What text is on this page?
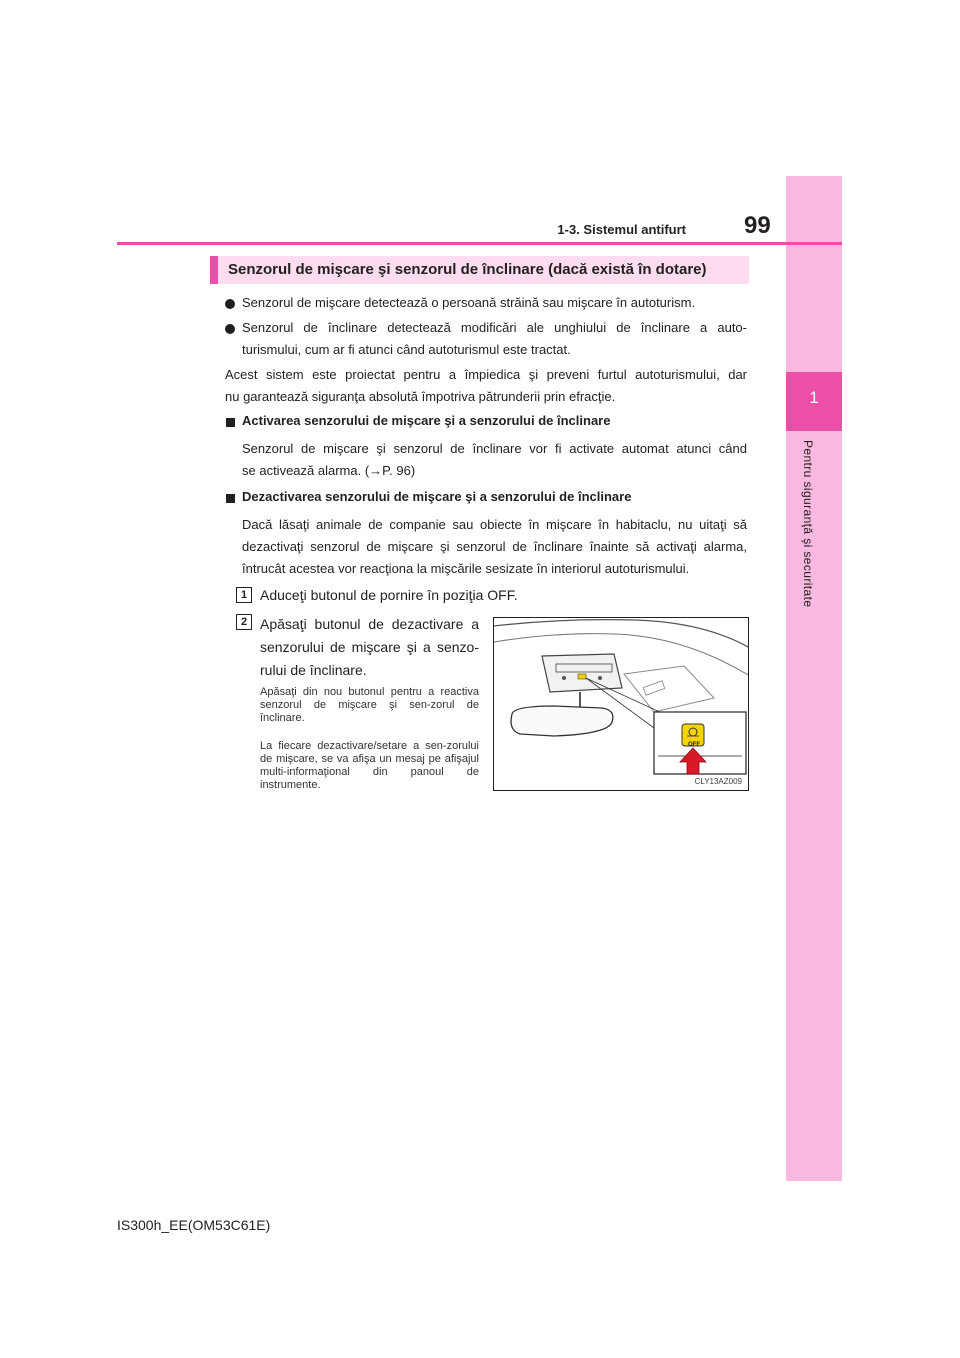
1
Pentru siguranţă şi securitate
1-3. Sistemul antifurt 99
Senzorul de mişcare şi senzorul de înclinare (dacă există în dotare)
Senzorul de mişcare detectează o persoană străină sau mişcare în autoturism.
Senzorul de înclinare detectează modificări ale unghiului de înclinare a auto-
turismului, cum ar fi atunci când autoturismul este tractat.
Acest sistem este proiectat pentru a împiedica şi preveni furtul autoturismului, dar
nu garantează siguranţa absolută împotriva pătrunderii prin efracţie.
Activarea senzorului de mişcare şi a senzorului de înclinare
Senzorul de mişcare şi senzorul de înclinare vor fi activate automat atunci când
se activează alarma. (→P. 96)
Dezactivarea senzorului de mişcare şi a senzorului de înclinare
Dacă lăsaţi animale de companie sau obiecte în mişcare în habitaclu, nu uitaţi să
dezactivaţi senzorul de mişcare şi senzorul de înclinare înainte să activaţi alarma,
întrucât acestea vor reacţiona la mişcările sesizate în interiorul autoturismului.
1 Aduceţi butonul de pornire în poziţia OFF.
2 Apăsaţi butonul de dezactivare a
senzorului de mişcare şi a senzo-
rului de înclinare.
Apăsaţi din nou butonul pentru a reactiva senzorul de mişcare şi sen-zorul de înclinare.
La fiecare dezactivare/setare a sen-zorului de mişcare, se va afişa un mesaj pe afişajul multi-informaţional din panoul de instrumente.
OFF
CLY13AZ009
IS300h_EE(OM53C61E)
